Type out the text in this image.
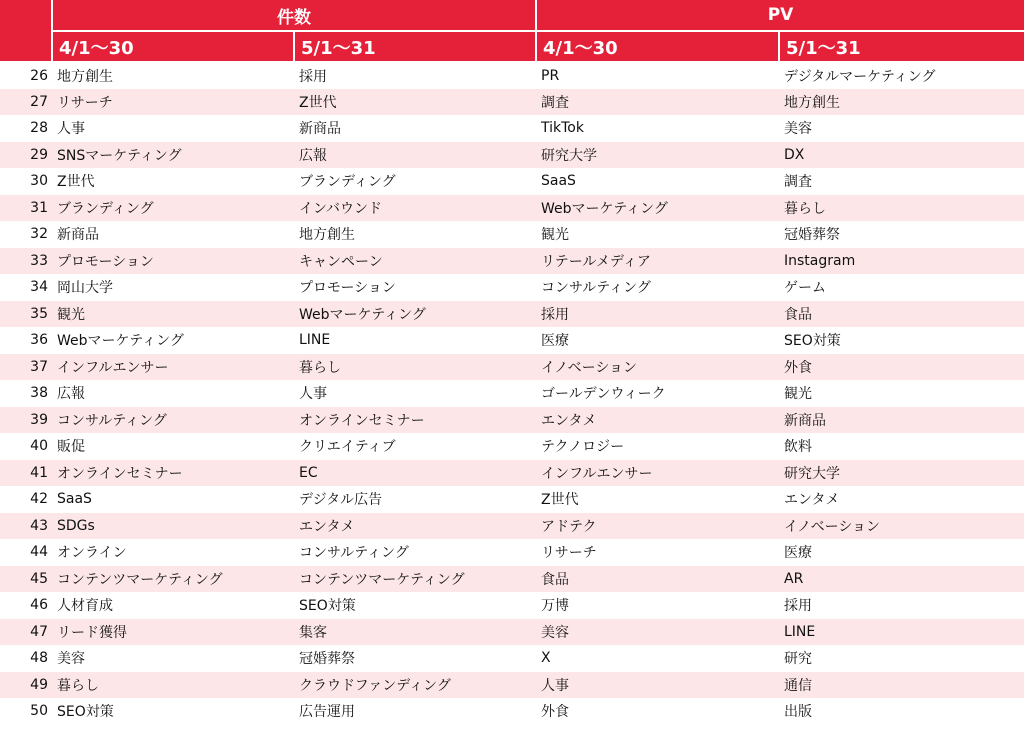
	件数		PV	
	4/1～30	5/1～31	4/1～30	5/1～31
26	地方創生	採用	PR	デジタルマーケティング
27	リサーチ	Z世代	調査	地方創生
28	人事	新商品	TikTok	美容
29	SNSマーケティング	広報	研究大学	DX
30	Z世代	ブランディング	SaaS	調査
31	ブランディング	インバウンド	Webマーケティング	暮らし
32	新商品	地方創生	観光	冠婚葬祭
33	プロモーション	キャンペーン	リテールメディア	Instagram
34	岡山大学	プロモーション	コンサルティング	ゲーム
35	観光	Webマーケティング	採用	食品
36	Webマーケティング	LINE	医療	SEO対策
37	インフルエンサー	暮らし	イノベーション	外食
38	広報	人事	ゴールデンウィーク	観光
39	コンサルティング	オンラインセミナー	エンタメ	新商品
40	販促	クリエイティブ	テクノロジー	飲料
41	オンラインセミナー	EC	インフルエンサー	研究大学
42	SaaS	デジタル広告	Z世代	エンタメ
43	SDGs	エンタメ	アドテク	イノベーション
44	オンライン	コンサルティング	リサーチ	医療
45	コンテンツマーケティング	コンテンツマーケティング	食品	AR
46	人材育成	SEO対策	万博	採用
47	リード獲得	集客	美容	LINE
48	美容	冠婚葬祭	X	研究
49	暮らし	クラウドファンディング	人事	通信
50	SEO対策	広告運用	外食	出版
